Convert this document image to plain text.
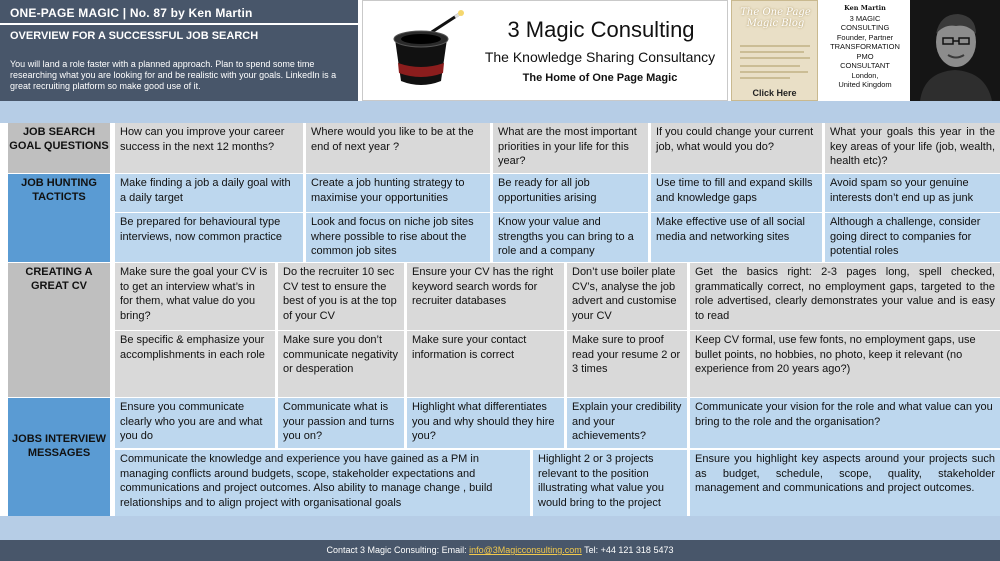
ONE-PAGE MAGIC | No. 87 by Ken Martin
OVERVIEW FOR A SUCCESSFUL JOB SEARCH
You will land a role faster with a planned approach. Plan to spend some time researching what you are looking for and be realistic with your goals. LinkedIn is a great recruiting platform so make good use of it.
3 Magic Consulting
The Knowledge Sharing Consultancy
The Home of One Page Magic
The One Page Magic Blog
Click Here
Ken Martin
3 MAGIC
CONSULTING
Founder, Partner
TRANSFORMATION
PMO
CONSULTANT
London,
United Kingdom
JOB SEARCH GOAL QUESTIONS
JOB HUNTING TACTICTS
CREATING A GREAT CV
JOBS INTERVIEW MESSAGES
How can you improve your career success in the next 12 months?
Where would you like to be at the end of next year ?
What are the most important priorities in your life for this year?
If you could change your current job, what would you do?
What your goals this year in the key areas of your life (job, wealth, health etc)?
Make finding a job a daily goal with a daily target
Create a job hunting strategy to maximise your opportunities
Be ready for all job opportunities arising
Use time to fill and expand skills and knowledge gaps
Avoid spam so your genuine interests don’t end up as junk
Be prepared for behavioural type interviews, now common practice
Look and focus on niche job sites where possible to rise about the common job sites
Know your value and strengths you can bring to a role and a company
Make effective use of all social media and networking sites
Although a challenge, consider going direct to companies for potential roles
Make sure the goal your CV is to get an interview what’s in for them, what value do you bring?
Do the recruiter 10 sec CV test to ensure the best of you is at the top of your CV
Ensure your CV has the right keyword search words for recruiter databases
Don’t use boiler plate CV’s, analyse the job advert and customise your CV
Get the basics right: 2-3 pages long, spell checked, grammatically correct, no employment gaps, targeted to the role advertised, clearly demonstrates your value and is easy to read
Be specific & emphasize your accomplishments in each role
Make sure you don’t communicate negativity or desperation
Make sure your contact information is correct
Make sure to proof read your resume 2 or 3 times
Keep CV formal, use few fonts, no employment gaps, use bullet points, no hobbies, no photo, keep it relevant (no experience from 20 years ago?)
Ensure you communicate clearly who you are and what you do
Communicate what is your passion and turns you on?
Highlight what differentiates you and why should they hire you?
Explain your credibility and your achievements?
Communicate your vision for the role and what value can you bring to the role and the organisation?
Communicate the knowledge and experience you have gained as a PM in managing conflicts around budgets, scope, stakeholder expectations and communications and project outcomes. Also ability to manage change , build relationships and to align project with organisational goals
Highlight 2 or 3 projects relevant to the position illustrating what value you would bring to the project
Ensure you highlight key aspects around your projects such as budget, schedule, scope, quality, stakeholder management and communications and project outcomes.
Contact 3 Magic Consulting: Email: info@3Magicconsulting.com Tel: +44 121 318 5473
